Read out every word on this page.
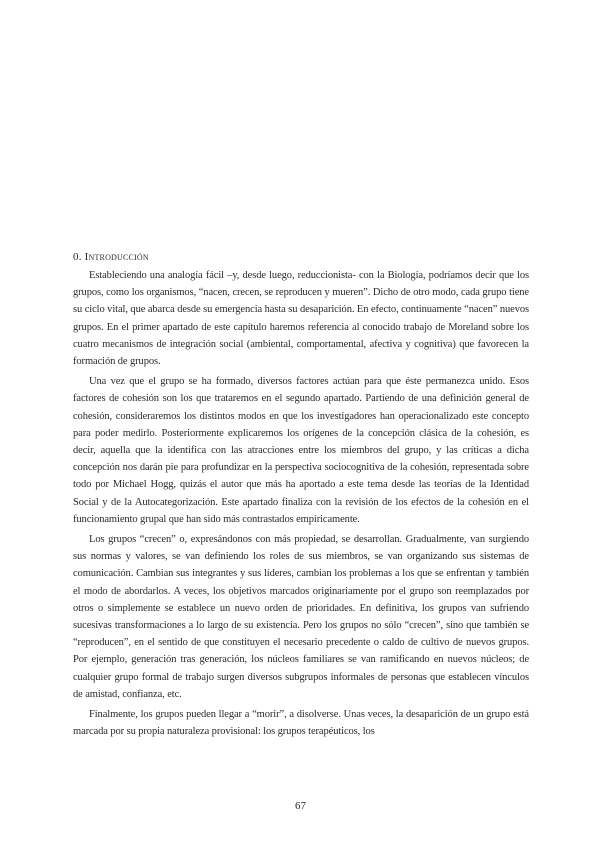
0. Introducción

Estableciendo una analogía fácil –y, desde luego, reduccionista- con la Biología, podríamos decir que los grupos, como los organismos, “nacen, crecen, se reproducen y mueren”. Dicho de otro modo, cada grupo tiene su ciclo vital, que abarca desde su emergencia hasta su desaparición. En efecto, continuamente “nacen” nuevos grupos. En el primer apartado de este capítulo haremos referencia al conocido trabajo de Moreland sobre los cuatro mecanismos de integración social (ambiental, comportamental, afectiva y cognitiva) que favorecen la formación de grupos.

Una vez que el grupo se ha formado, diversos factores actúan para que éste permanezca unido. Esos factores de cohesión son los que trataremos en el segundo apartado. Partiendo de una definición general de cohesión, consideraremos los distintos modos en que los investigadores han operacionalizado este concepto para poder medirlo. Posteriormente explicaremos los orígenes de la concepción clásica de la cohesión, es decir, aquella que la identifica con las atracciones entre los miembros del grupo, y las críticas a dicha concepción nos darán pie para profundizar en la perspectiva sociocognitiva de la cohesión, representada sobre todo por Michael Hogg, quizás el autor que más ha aportado a este tema desde las teorías de la Identidad Social y de la Autocategorización. Este apartado finaliza con la revisión de los efectos de la cohesión en el funcionamiento grupal que han sido más contrastados empíricamente.

Los grupos “crecen” o, expresándonos con más propiedad, se desarrollan. Gradualmente, van surgiendo sus normas y valores, se van definiendo los roles de sus miembros, se van organizando sus sistemas de comunicación. Cambian sus integrantes y sus líderes, cambian los problemas a los que se enfrentan y también el modo de abordarlos. A veces, los objetivos marcados originariamente por el grupo son reemplazados por otros o simplemente se establece un nuevo orden de prioridades. En definitiva, los grupos van sufriendo sucesivas transformaciones a lo largo de su existencia. Pero los grupos no sólo “crecen”, sino que también se “reproducen”, en el sentido de que constituyen el necesario precedente o caldo de cultivo de nuevos grupos. Por ejemplo, generación tras generación, los núcleos familiares se van ramificando en nuevos núcleos; de cualquier grupo formal de trabajo surgen diversos subgrupos informales de personas que establecen vínculos de amistad, confianza, etc.

Finalmente, los grupos pueden llegar a “morir”, a disolverse. Unas veces, la desaparición de un grupo está marcada por su propia naturaleza provisional: los grupos terapéuticos, los

67
